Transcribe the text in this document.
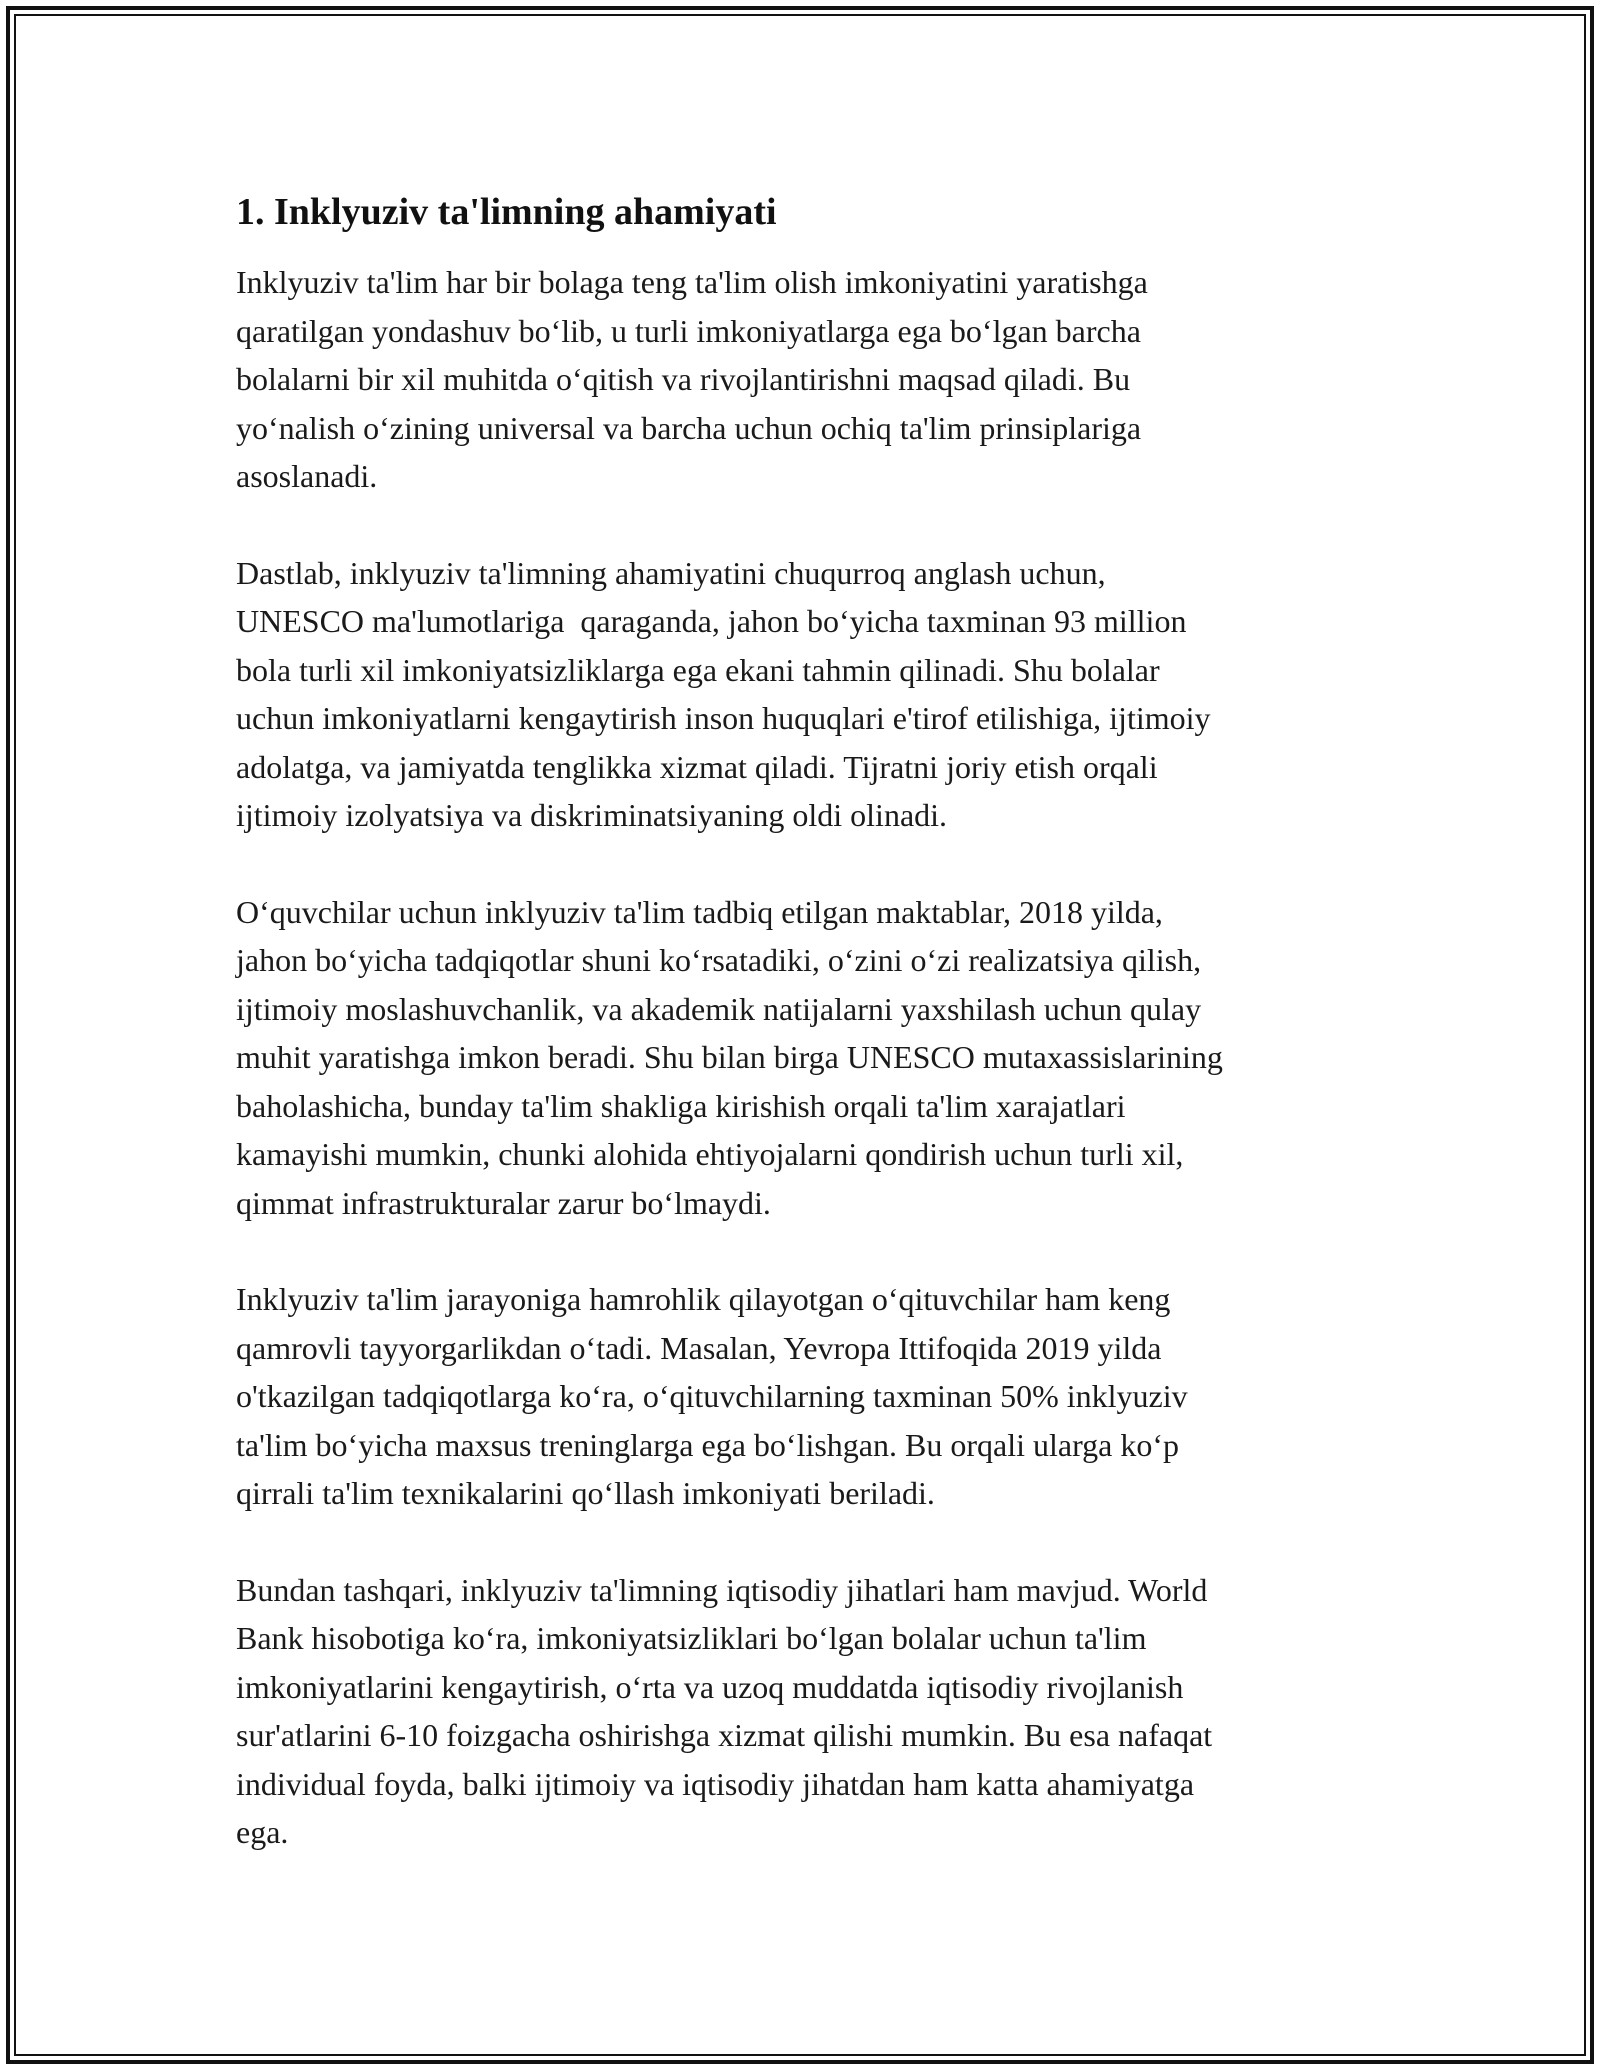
1. Inklyuziv ta'limning ahamiyati

Inklyuziv ta'lim har bir bolaga teng ta'lim olish imkoniyatini yaratishga
qaratilgan yondashuv bo‘lib, u turli imkoniyatlarga ega bo‘lgan barcha
bolalarni bir xil muhitda o‘qitish va rivojlantirishni maqsad qiladi. Bu
yo‘nalish o‘zining universal va barcha uchun ochiq ta'lim prinsiplariga
asoslanadi.

Dastlab, inklyuziv ta'limning ahamiyatini chuqurroq anglash uchun,
UNESCO ma'lumotlariga  qaraganda, jahon bo‘yicha taxminan 93 million
bola turli xil imkoniyatsizliklarga ega ekani tahmin qilinadi. Shu bolalar
uchun imkoniyatlarni kengaytirish inson huquqlari e'tirof etilishiga, ijtimoiy
adolatga, va jamiyatda tenglikka xizmat qiladi. Tijratni joriy etish orqali
ijtimoiy izolyatsiya va diskriminatsiyaning oldi olinadi.

O‘quvchilar uchun inklyuziv ta'lim tadbiq etilgan maktablar, 2018 yilda,
jahon bo‘yicha tadqiqotlar shuni ko‘rsatadiki, o‘zini o‘zi realizatsiya qilish,
ijtimoiy moslashuvchanlik, va akademik natijalarni yaxshilash uchun qulay
muhit yaratishga imkon beradi. Shu bilan birga UNESCO mutaxassislarining
baholashicha, bunday ta'lim shakliga kirishish orqali ta'lim xarajatlari
kamayishi mumkin, chunki alohida ehtiyojalarni qondirish uchun turli xil,
qimmat infrastrukturalar zarur bo‘lmaydi.

Inklyuziv ta'lim jarayoniga hamrohlik qilayotgan o‘qituvchilar ham keng
qamrovli tayyorgarlikdan o‘tadi. Masalan, Yevropa Ittifoqida 2019 yilda
o'tkazilgan tadqiqotlarga ko‘ra, o‘qituvchilarning taxminan 50% inklyuziv
ta'lim bo‘yicha maxsus treninglarga ega bo‘lishgan. Bu orqali ularga ko‘p
qirrali ta'lim texnikalarini qo‘llash imkoniyati beriladi.

Bundan tashqari, inklyuziv ta'limning iqtisodiy jihatlari ham mavjud. World
Bank hisobotiga ko‘ra, imkoniyatsizliklari bo‘lgan bolalar uchun ta'lim
imkoniyatlarini kengaytirish, o‘rta va uzoq muddatda iqtisodiy rivojlanish
sur'atlarini 6-10 foizgacha oshirishga xizmat qilishi mumkin. Bu esa nafaqat
individual foyda, balki ijtimoiy va iqtisodiy jihatdan ham katta ahamiyatga
ega.
